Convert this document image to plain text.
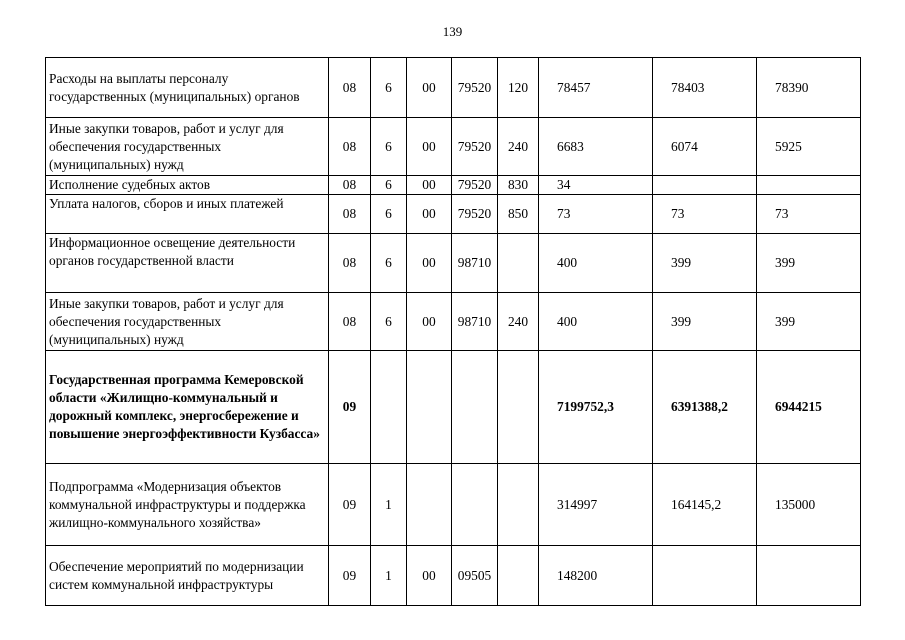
139
Расходы на выплаты персоналу государственных (муниципальных) органов	08	6	00	79520	120	78457	78403	78390
Иные закупки товаров, работ и услуг для обеспечения государственных (муниципальных) нужд	08	6	00	79520	240	6683	6074	5925
Исполнение судебных актов	08	6	00	79520	830	34		
Уплата налогов, сборов и иных платежей	08	6	00	79520	850	73	73	73
Информационное освещение деятельности органов государственной власти	08	6	00	98710		400	399	399
Иные закупки товаров, работ и услуг для обеспечения государственных (муниципальных) нужд	08	6	00	98710	240	400	399	399
Государственная программа Кемеровской области «Жилищно-коммунальный и дорожный комплекс, энергосбережение и повышение энергоэффективности Кузбасса»	09					7199752,3	6391388,2	6944215
Подпрограмма «Модернизация объектов коммунальной инфраструктуры и поддержка жилищно-коммунального хозяйства»	09	1				314997	164145,2	135000
Обеспечение мероприятий по модернизации систем коммунальной инфраструктуры	09	1	00	09505		148200		
